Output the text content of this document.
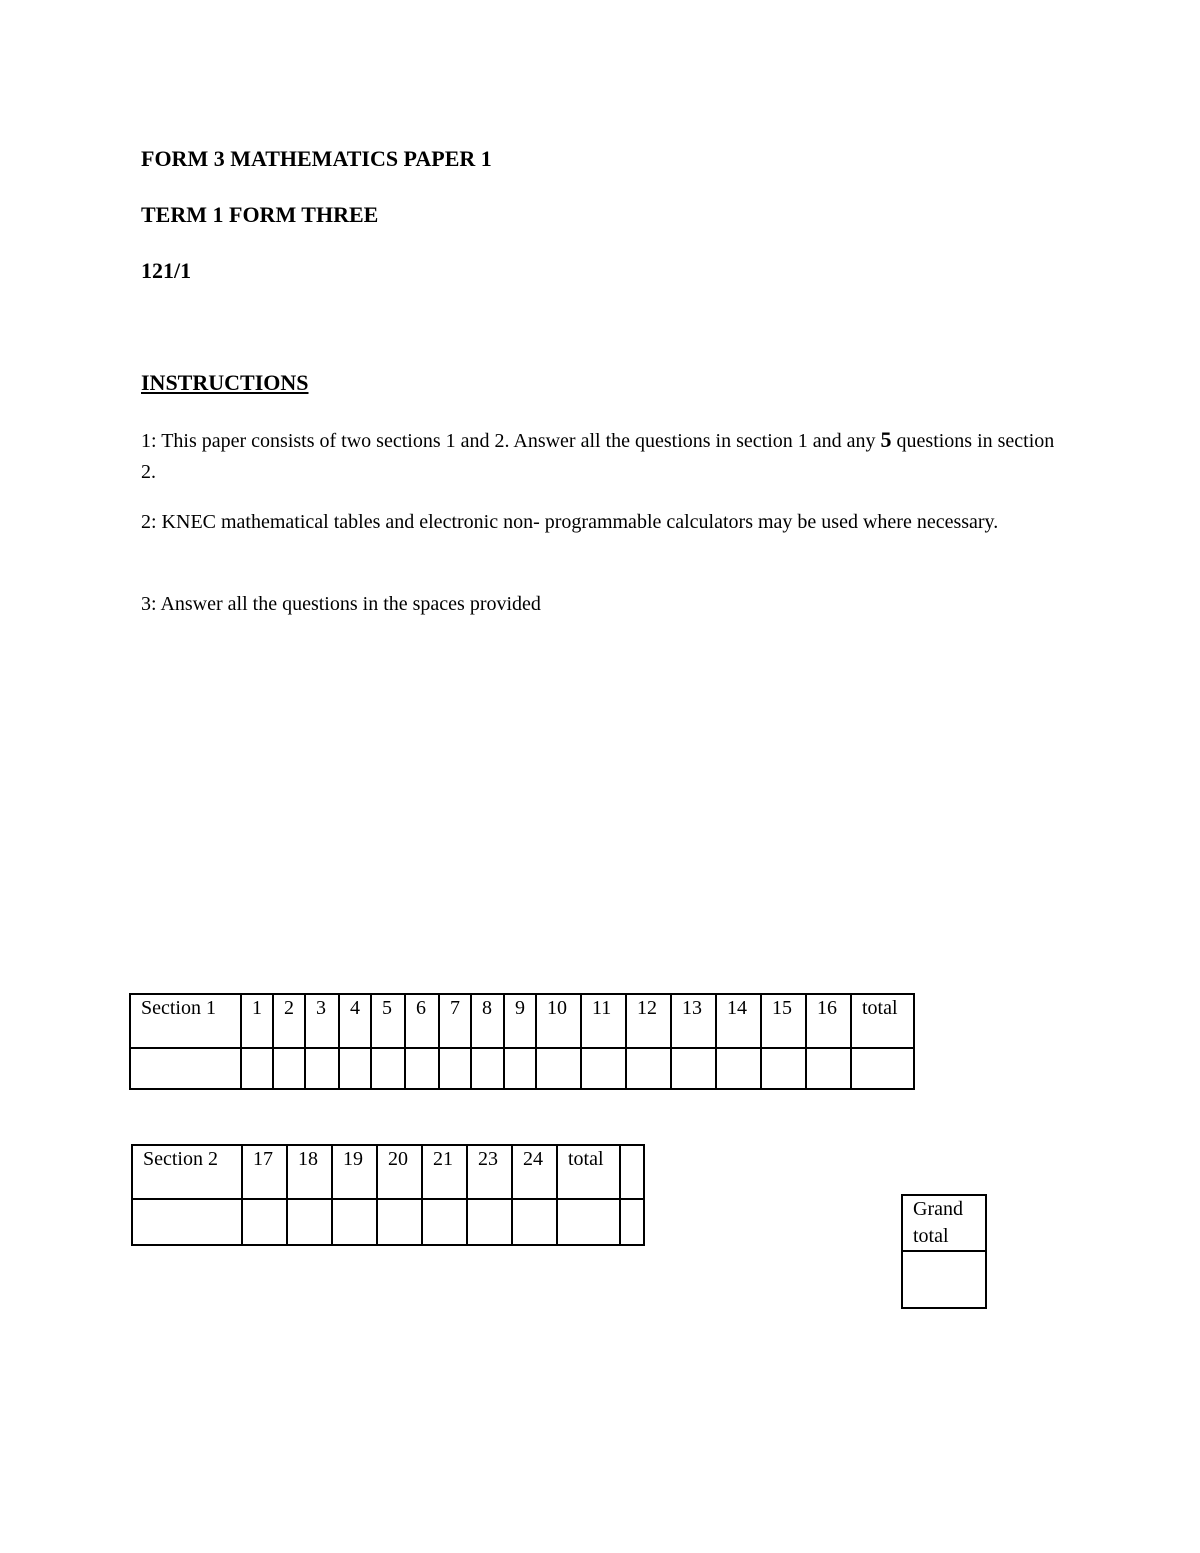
FORM 3 MATHEMATICS PAPER 1
TERM 1 FORM THREE
121/1
INSTRUCTIONS
1: This paper consists of two sections 1 and 2. Answer all the questions in section 1 and any 5 questions in section 2.
2: KNEC mathematical tables and electronic non- programmable calculators may be used where necessary.
3: Answer all the questions in the spaces provided
Section 1	1	2	3	4	5	6	7	8	9	10	11	12	13	14	15	16	total

Section 2	17	18	19	20	21	23	24	total	

Grand total
